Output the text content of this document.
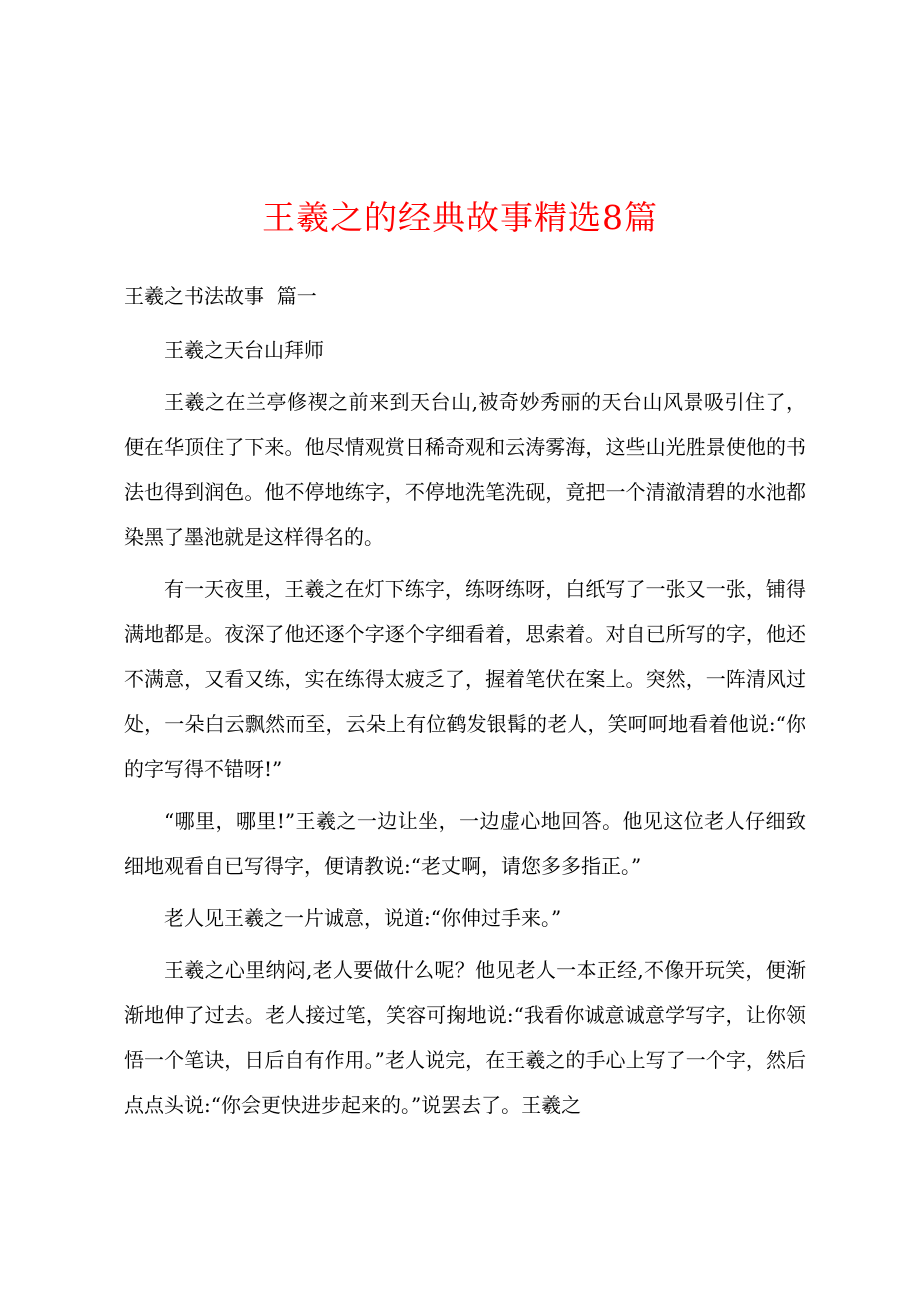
王羲之的经典故事精选8篇
王羲之书法故事  篇一

王羲之天台山拜师

王羲之在兰亭修禊之前来到天台山,被奇妙秀丽的天台山风景吸引住了，便在华顶住了下来。他尽情观赏日稀奇观和云涛雾海，这些山光胜景使他的书法也得到润色。他不停地练字，不停地洗笔洗砚，竟把一个清澈清碧的水池都染黑了墨池就是这样得名的。

有一天夜里，王羲之在灯下练字，练呀练呀，白纸写了一张又一张，铺得满地都是。夜深了他还逐个字逐个字细看着，思索着。对自已所写的字，他还不满意，又看又练，实在练得太疲乏了，握着笔伏在案上。突然，一阵清风过处，一朵白云飘然而至，云朵上有位鹤发银髯的老人，笑呵呵地看着他说:“你的字写得不错呀!”

“哪里，哪里!”王羲之一边让坐，一边虚心地回答。他见这位老人仔细致细地观看自已写得字，便请教说:“老丈啊，请您多多指正。”

老人见王羲之一片诚意，说道:“你伸过手来。”

王羲之心里纳闷,老人要做什么呢？他见老人一本正经,不像开玩笑，便渐渐地伸了过去。老人接过笔，笑容可掬地说:“我看你诚意诚意学写字，让你领悟一个笔诀，日后自有作用。”老人说完，在王羲之的手心上写了一个字，然后点点头说:“你会更快进步起来的。”说罢去了。王羲之
